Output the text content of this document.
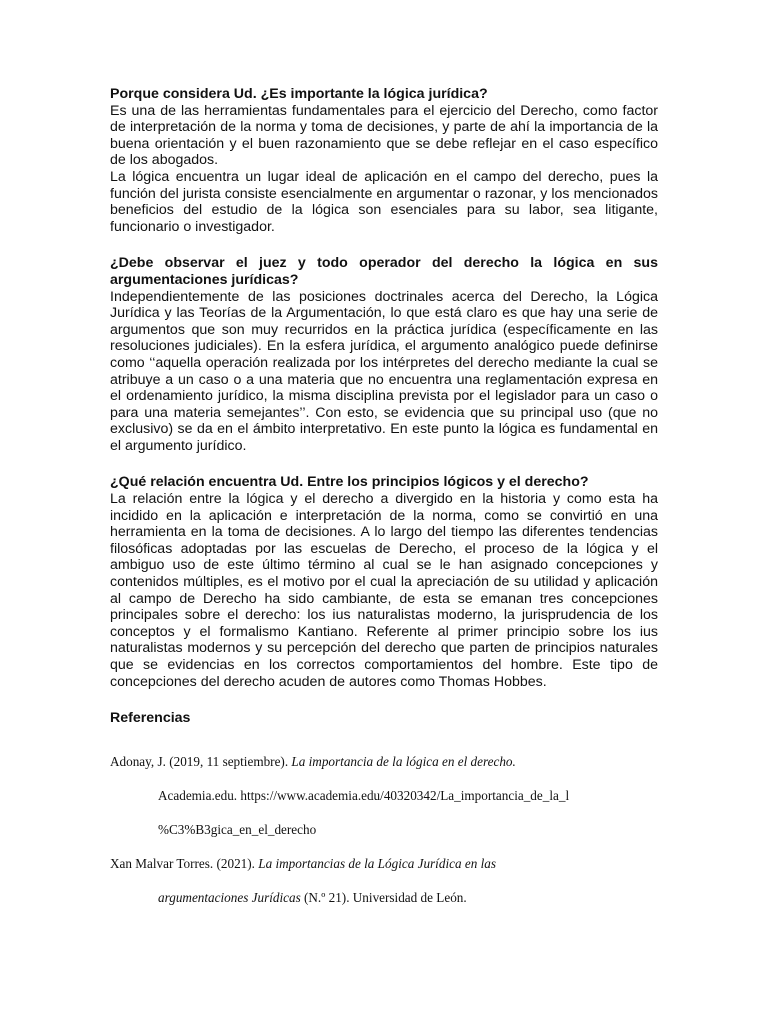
Porque considera Ud. ¿Es importante la lógica jurídica?

Es una de las herramientas fundamentales para el ejercicio del Derecho, como factor de interpretación de la norma y toma de decisiones, y parte de ahí la importancia de la buena orientación y el buen razonamiento que se debe reflejar en el caso específico de los abogados.

La lógica encuentra un lugar ideal de aplicación en el campo del derecho, pues la función del jurista consiste esencialmente en argumentar o razonar, y los mencionados beneficios del estudio de la lógica son esenciales para su labor, sea litigante, funcionario o investigador.

¿Debe observar el juez y todo operador del derecho la lógica en sus argumentaciones jurídicas?

Independientemente de las posiciones doctrinales acerca del Derecho, la Lógica Jurídica y las Teorías de la Argumentación, lo que está claro es que hay una serie de argumentos que son muy recurridos en la práctica jurídica (específicamente en las resoluciones judiciales). En la esfera jurídica, el argumento analógico puede definirse como ‘‘aquella operación realizada por los intérpretes del derecho mediante la cual se atribuye a un caso o a una materia que no encuentra una reglamentación expresa en el ordenamiento jurídico, la misma disciplina prevista por el legislador para un caso o para una materia semejantes’’. Con esto, se evidencia que su principal uso (que no exclusivo) se da en el ámbito interpretativo. En este punto la lógica es fundamental en el argumento jurídico.

¿Qué relación encuentra Ud. Entre los principios lógicos y el derecho?

La relación entre la lógica y el derecho a divergido en la historia y como esta ha incidido en la aplicación e interpretación de la norma, como se convirtió en una herramienta en la toma de decisiones. A lo largo del tiempo las diferentes tendencias filosóficas adoptadas por las escuelas de Derecho, el proceso de la lógica y el ambiguo uso de este último término al cual se le han asignado concepciones y contenidos múltiples, es el motivo por el cual la apreciación de su utilidad y aplicación al campo de Derecho ha sido cambiante, de esta se emanan tres concepciones principales sobre el derecho: los ius naturalistas moderno, la jurisprudencia de los conceptos y el formalismo Kantiano. Referente al primer principio sobre los ius naturalistas modernos y su percepción del derecho que parten de principios naturales que se evidencias en los correctos comportamientos del hombre. Este tipo de concepciones del derecho acuden de autores como Thomas Hobbes.

Referencias

Adonay, J. (2019, 11 septiembre). La importancia de la lógica en el derecho.
Academia.edu. https://www.academia.edu/40320342/La_importancia_de_la_l
%C3%B3gica_en_el_derecho
Xan Malvar Torres. (2021). La importancias de la Lógica Jurídica en las
argumentaciones Jurídicas (N.º 21). Universidad de León.
